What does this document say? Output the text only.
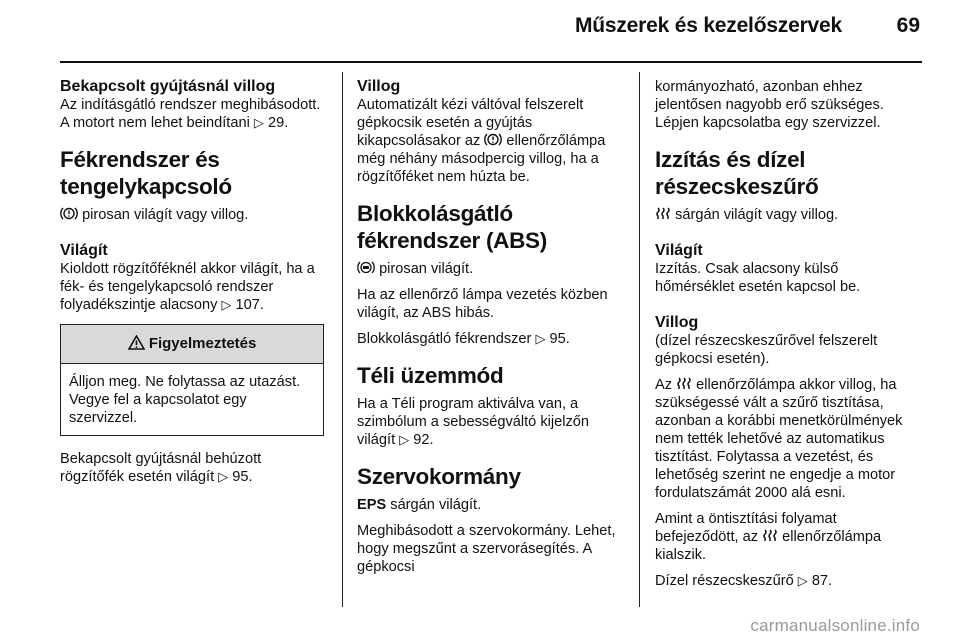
Műszerek és kezelőszervek	69
Bekapcsolt gyújtásnál villog

Az indításgátló rendszer meghibásodott. A motort nem lehet beindítani ▷ 29.

Fékrendszer és tengelykapcsoló

pirosan világít vagy villog.

Világít

Kioldott rögzítőféknél akkor világít, ha a fék- és tengelykapcsoló rendszer folyadékszintje alacsony ▷ 107.

Figyelmeztetés
Álljon meg. Ne folytassa az utazást. Vegye fel a kapcsolatot egy szervizzel.

Bekapcsolt gyújtásnál behúzott rögzítőfék esetén világít ▷ 95.

Villog

Automatizált kézi váltóval felszerelt gépkocsik esetén a gyújtás kikapcsolásakor az ellenőrzőlámpa még néhány másodpercig villog, ha a rögzítőféket nem húzta be.

Blokkolásgátló fékrendszer (ABS)

pirosan világít.

Ha az ellenőrző lámpa vezetés közben világít, az ABS hibás.

Blokkolásgátló fékrendszer ▷ 95.

Téli üzemmód

Ha a Téli program aktiválva van, a szimbólum a sebességváltó kijelzőn világít ▷ 92.

Szervokormány

EPS sárgán világít.

Meghibásodott a szervokormány. Lehet, hogy megszűnt a szervorásegítés. A gépkocsi

kormányozható, azonban ehhez jelentősen nagyobb erő szükséges. Lépjen kapcsolatba egy szervizzel.

Izzítás és dízel részecskeszűrő

sárgán világít vagy villog.

Világít

Izzítás. Csak alacsony külső hőmérséklet esetén kapcsol be.

Villog

(dízel részecskeszűrővel felszerelt gépkocsi esetén).

Az ellenőrzőlámpa akkor villog, ha szükségessé vált a szűrő tisztítása, azonban a korábbi menetkörülmények nem tették lehetővé az automatikus tisztítást. Folytassa a vezetést, és lehetőség szerint ne engedje a motor fordulatszámát 2000 alá esni.

Amint a öntisztítási folyamat befejeződött, az ellenőrzőlámpa kialszik.

Dízel részecskeszűrő ▷ 87.

carmanualsonline.info
